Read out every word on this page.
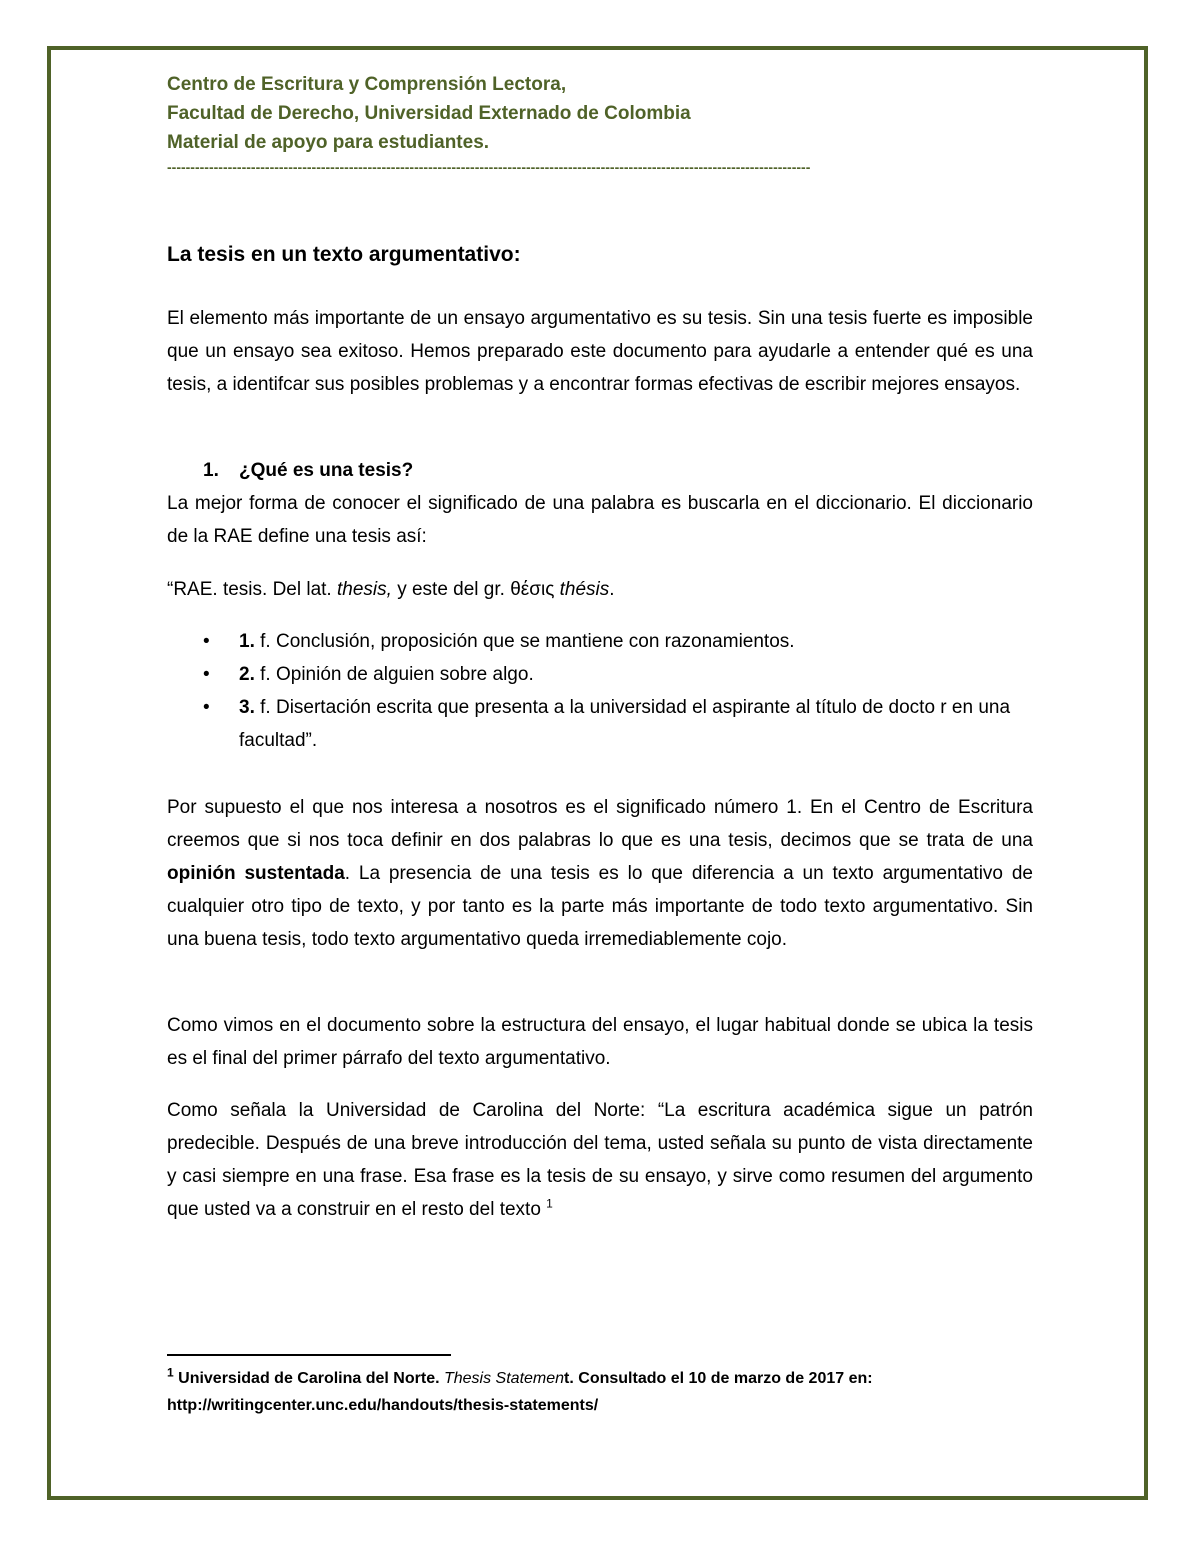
Centro de Escritura y Comprensión Lectora,
Facultad de Derecho, Universidad Externado de Colombia
Material de apoyo para estudiantes.
------------------------------------------------------------------------------------------------------------------------------------------
La tesis en un texto argumentativo:

El elemento más importante de un ensayo argumentativo es su tesis. Sin una tesis fuerte es imposible que un ensayo sea exitoso. Hemos preparado este documento para ayudarle a entender qué es una tesis, a identifcar sus posibles problemas y a encontrar formas efectivas de escribir mejores ensayos.

1. ¿Qué es una tesis?

La mejor forma de conocer el significado de una palabra es buscarla en el diccionario. El diccionario de la RAE define una tesis así:

“RAE. tesis. Del lat. thesis, y este del gr. θέσις thésis.

• 1. f. Conclusión, proposición que se mantiene con razonamientos.
• 2. f. Opinión de alguien sobre algo.
• 3. f. Disertación escrita que presenta a la universidad el aspirante al título de docto r en una facultad”.

Por supuesto el que nos interesa a nosotros es el significado número 1. En el Centro de Escritura creemos que si nos toca definir en dos palabras lo que es una tesis, decimos que se trata de una opinión sustentada. La presencia de una tesis es lo que diferencia a un texto argumentativo de cualquier otro tipo de texto, y por tanto es la parte más importante de todo texto argumentativo. Sin una buena tesis, todo texto argumentativo queda irremediablemente cojo.

Como vimos en el documento sobre la estructura del ensayo, el lugar habitual donde se ubica la tesis es el final del primer párrafo del texto argumentativo.

Como señala la Universidad de Carolina del Norte: “La escritura académica sigue un patrón predecible. Después de una breve introducción del tema, usted señala su punto de vista directamente y casi siempre en una frase. Esa frase es la tesis de su ensayo, y sirve como resumen del argumento que usted va a construir en el resto del texto $^1$

$^1$ Universidad de Carolina del Norte. Thesis Statement. Consultado el 10 de marzo de 2017 en:
http://writingcenter.unc.edu/handouts/thesis-statements/
